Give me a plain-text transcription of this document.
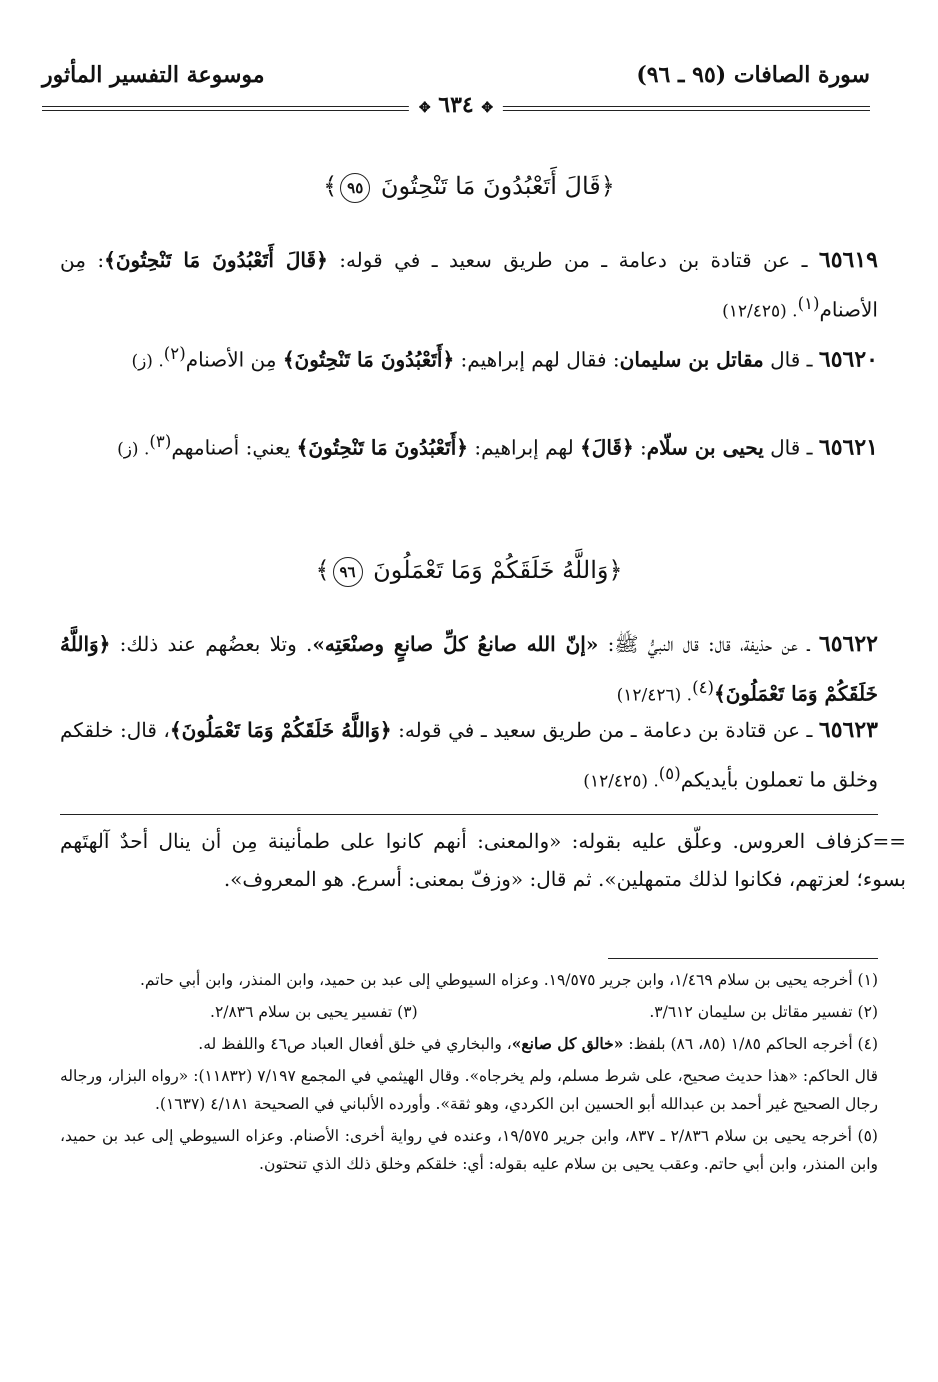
سورة الصافات (٩٥ ـ ٩٦)
موسوعة التفسير المأثور
✥ ٦٣٤ ✥
﴿قَالَ أَتَعْبُدُونَ مَا تَنْحِتُونَ ٩٥﴾
٦٥٦١٩ ـ عن قتادة بن دعامة ـ من طريق سعيد ـ في قوله: ﴿قَالَ أَتَعْبُدُونَ مَا تَنْحِتُونَ﴾: مِن الأصنام$^{(١)}$. (١٢/٤٢٥)
٦٥٦٢٠ ـ قال مقاتل بن سليمان: فقال لهم إبراهيم: ﴿أَتَعْبُدُونَ مَا تَنْحِتُونَ﴾ مِن الأصنام$^{(٢)}$. (ز)
٦٥٦٢١ ـ قال يحيى بن سلّام: ﴿قَالَ﴾ لهم إبراهيم: ﴿أَتَعْبُدُونَ مَا تَنْحِتُونَ﴾ يعني: أصنامهم$^{(٣)}$. (ز)
﴿وَاللَّهُ خَلَقَكُمْ وَمَا تَعْمَلُونَ ٩٦﴾
٦٥٦٢٢ ـ عن حذيفة، قال: قال النبيُّ ﷺ: «إنّ الله صانعُ كلِّ صانعٍ وصنْعَتِه». وتلا بعضُهم عند ذلك: ﴿وَاللَّهُ خَلَقَكُمْ وَمَا تَعْمَلُونَ﴾$^{(٤)}$. (١٢/٤٢٦)
٦٥٦٢٣ ـ عن قتادة بن دعامة ـ من طريق سعيد ـ في قوله: ﴿وَاللَّهُ خَلَقَكُمْ وَمَا تَعْمَلُونَ﴾، قال: خلقكم وخلق ما تعملون بأيديكم$^{(٥)}$. (١٢/٤٢٥)
==كزفاف العروس. وعلّق عليه بقوله: «والمعنى: أنهم كانوا على طمأنينة مِن أن ينال أحدٌ آلهتَهم بسوء؛ لعزتهم، فكانوا لذلك متمهلين». ثم قال: «وزفّ بمعنى: أسرع. هو المعروف».
(١) أخرجه يحيى بن سلام ١/٤٦٩، وابن جرير ١٩/٥٧٥. وعزاه السيوطي إلى عبد بن حميد، وابن المنذر، وابن أبي حاتم.
(٢) تفسير مقاتل بن سليمان ٣/٦١٢.
(٣) تفسير يحيى بن سلام ٢/٨٣٦.
(٤) أخرجه الحاكم ١/٨٥ (٨٥، ٨٦) بلفظ: «خالق كل صانع»، والبخاري في خلق أفعال العباد ص٤٦ واللفظ له.
قال الحاكم: «هذا حديث صحيح، على شرط مسلم، ولم يخرجاه». وقال الهيثمي في المجمع ٧/١٩٧ (١١٨٣٢): «رواه البزار، ورجاله رجال الصحيح غير أحمد بن عبدالله أبو الحسين ابن الكردي، وهو ثقة». وأورده الألباني في الصحيحة ٤/١٨١ (١٦٣٧).
(٥) أخرجه يحيى بن سلام ٢/٨٣٦ ـ ٨٣٧، وابن جرير ١٩/٥٧٥، وعنده في رواية أخرى: الأصنام. وعزاه السيوطي إلى عبد بن حميد، وابن المنذر، وابن أبي حاتم. وعقب يحيى بن سلام عليه بقوله: أي: خلقكم وخلق ذلك الذي تنحتون.
